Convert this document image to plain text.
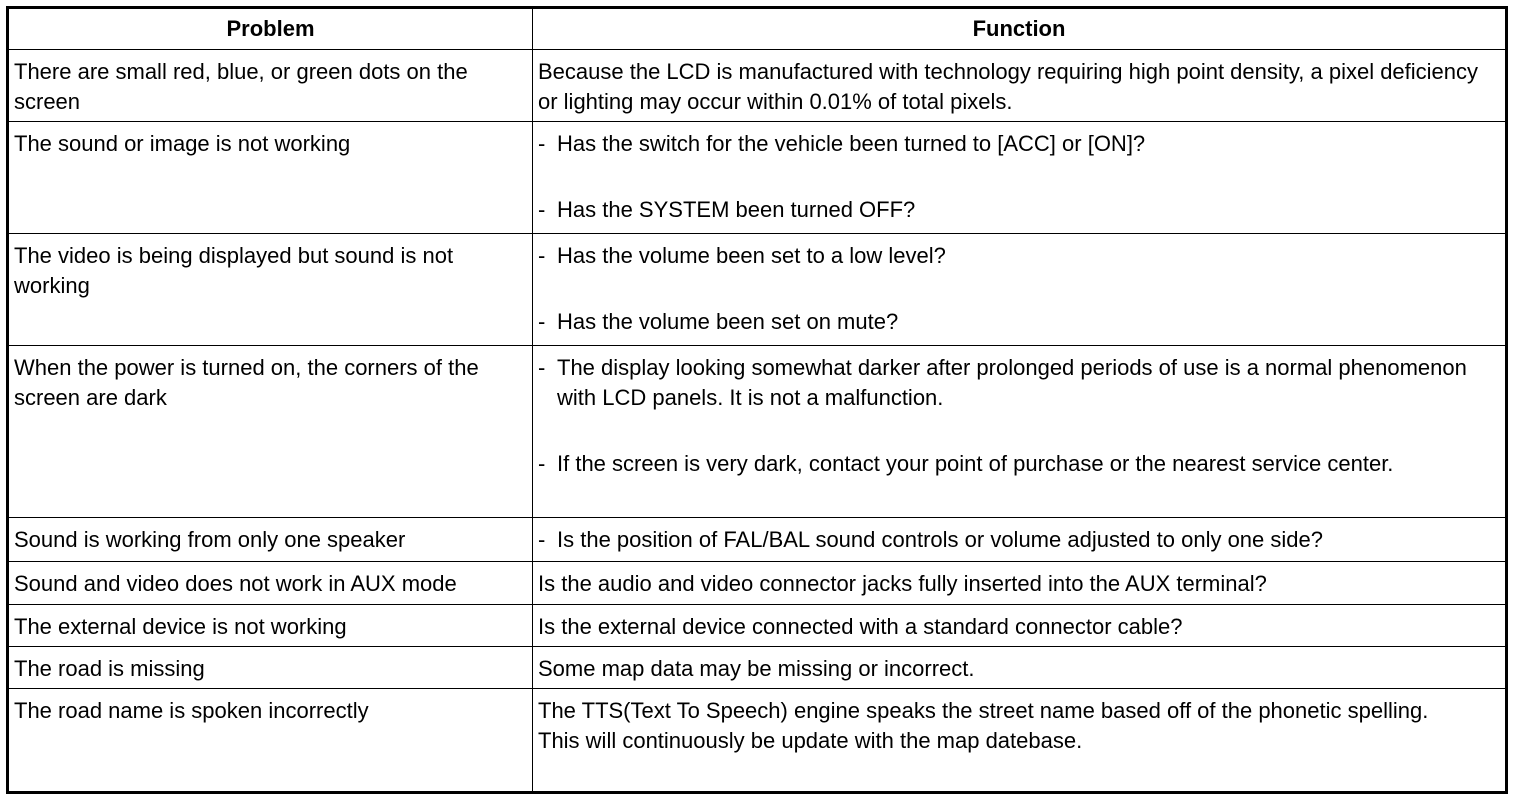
Problem	Function
There are small red, blue, or green dots on the screen	Because the LCD is manufactured with technology requiring high point density, a pixel deficiency or lighting may occur within 0.01% of total pixels.
The sound or image is not working	- Has the switch for the vehicle been turned to [ACC] or [ON]?
- Has the SYSTEM been turned OFF?

The video is being displayed but sound is not working	- Has the volume been set to a low level?
- Has the volume been set on mute?

When the power is turned on, the corners of the screen are dark	- The display looking somewhat darker after prolonged periods of use is a normal phenomenon with LCD panels. It is not a malfunction.
- If the screen is very dark, contact your point of purchase or the nearest service center.

Sound is working from only one speaker	- Is the position of FAL/BAL sound controls or volume adjusted to only one side?

Sound and video does not work in AUX mode	Is the audio and video connector jacks fully inserted into the AUX terminal?
The external device is not working	Is the external device connected with a standard connector cable?
The road is missing	Some map data may be missing or incorrect.
The road name is spoken incorrectly	The TTS(Text To Speech) engine speaks the street name based off of the phonetic spelling.
This will continuously be update with the map datebase.
